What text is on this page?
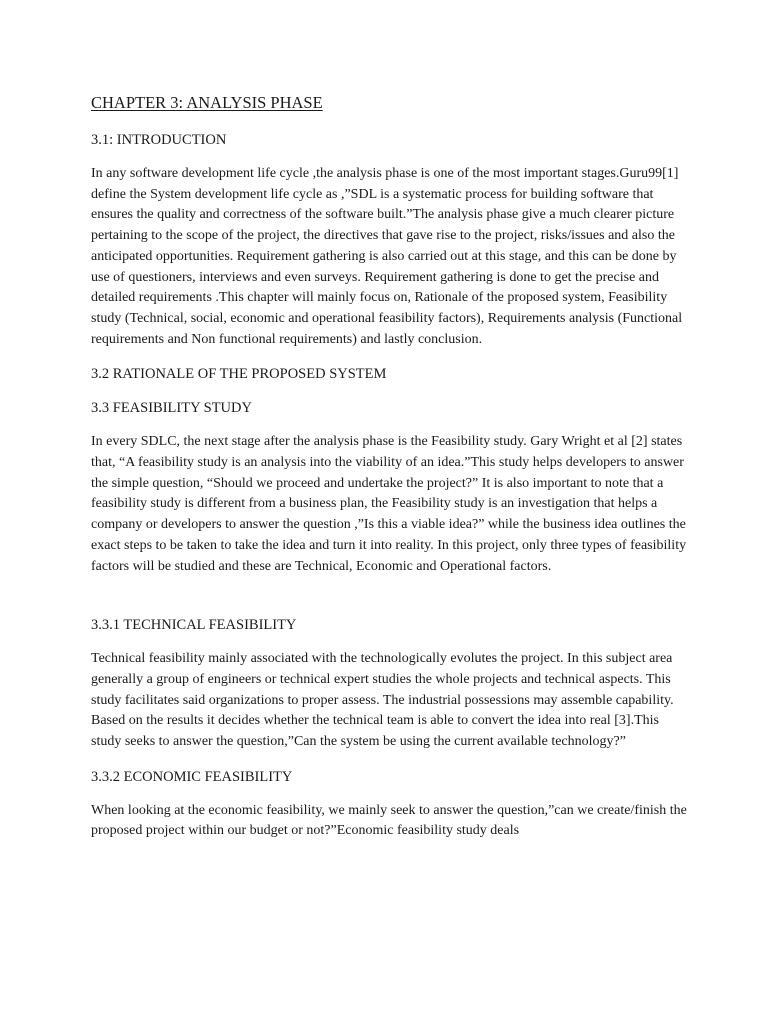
CHAPTER 3: ANALYSIS PHASE
3.1: INTRODUCTION

In any software development life cycle ,the analysis phase is one of the most important stages.Guru99[1] define the System development life cycle as ,”SDL is a systematic process for building software that ensures the quality and correctness of the software built.”The analysis phase give a much clearer picture pertaining to the scope of the project, the directives that gave rise to the project, risks/issues and also the anticipated opportunities. Requirement gathering is also carried out at this stage, and this can be done by use of questioners, interviews and even surveys. Requirement gathering is done to get the precise and detailed requirements .This chapter will mainly focus on, Rationale of the proposed system, Feasibility study (Technical, social, economic and operational feasibility factors), Requirements analysis (Functional requirements and Non functional requirements) and lastly conclusion.

3.2 RATIONALE OF THE PROPOSED SYSTEM
3.3 FEASIBILITY STUDY

In every SDLC, the next stage after the analysis phase is the Feasibility study. Gary Wright et al [2] states that, “A feasibility study is an analysis into the viability of an idea.”This study helps developers to answer the simple question, “Should we proceed and undertake the project?” It is also important to note that a feasibility study is different from a business plan, the Feasibility study is an investigation that helps a company or developers to answer the question ,”Is this a viable idea?” while the business idea outlines the exact steps to be taken to take the idea and turn it into reality. In this project, only three types of feasibility factors will be studied and these are Technical, Economic and Operational factors.

3.3.1 TECHNICAL FEASIBILITY

Technical feasibility mainly associated with the technologically evolutes the project. In this subject area generally a group of engineers or technical expert studies the whole projects and technical aspects. This study facilitates said organizations to proper assess. The industrial possessions may assemble capability. Based on the results it decides whether the technical team is able to convert the idea into real [3].This study seeks to answer the question,”Can the system be using the current available technology?”

3.3.2 ECONOMIC FEASIBILITY

When looking at the economic feasibility, we mainly seek to answer the question,”can we create/finish the proposed project within our budget or not?”Economic feasibility study deals
